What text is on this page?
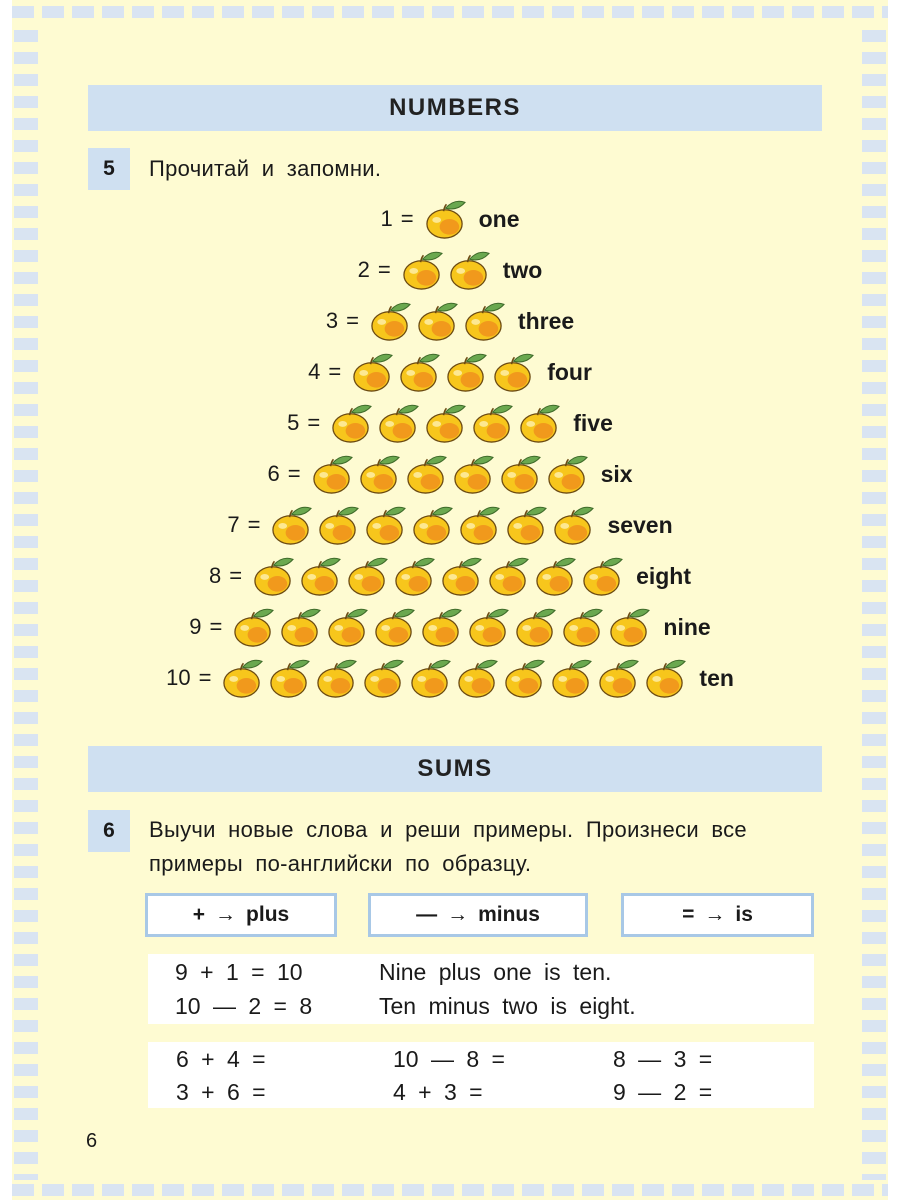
NUMBERS
5	Прочитай и запомни.
1 =	one
2 =	two
3 =	three
4 =	four
5 =	five
6 =	six
7 =	seven
8 =	eight
9 =	nine
10 =	ten
SUMS
6	Выучи новые слова и реши примеры. Произнеси все
примеры по-английски по образцу.
+ → plus	— → minus	= → is
9 + 1 = 10	Nine plus one is ten.
10 — 2 = 8	Ten minus two is eight.
6 + 4 =	10 — 8 =	8 — 3 =
3 + 6 =	4 + 3 =	9 — 2 =
6
